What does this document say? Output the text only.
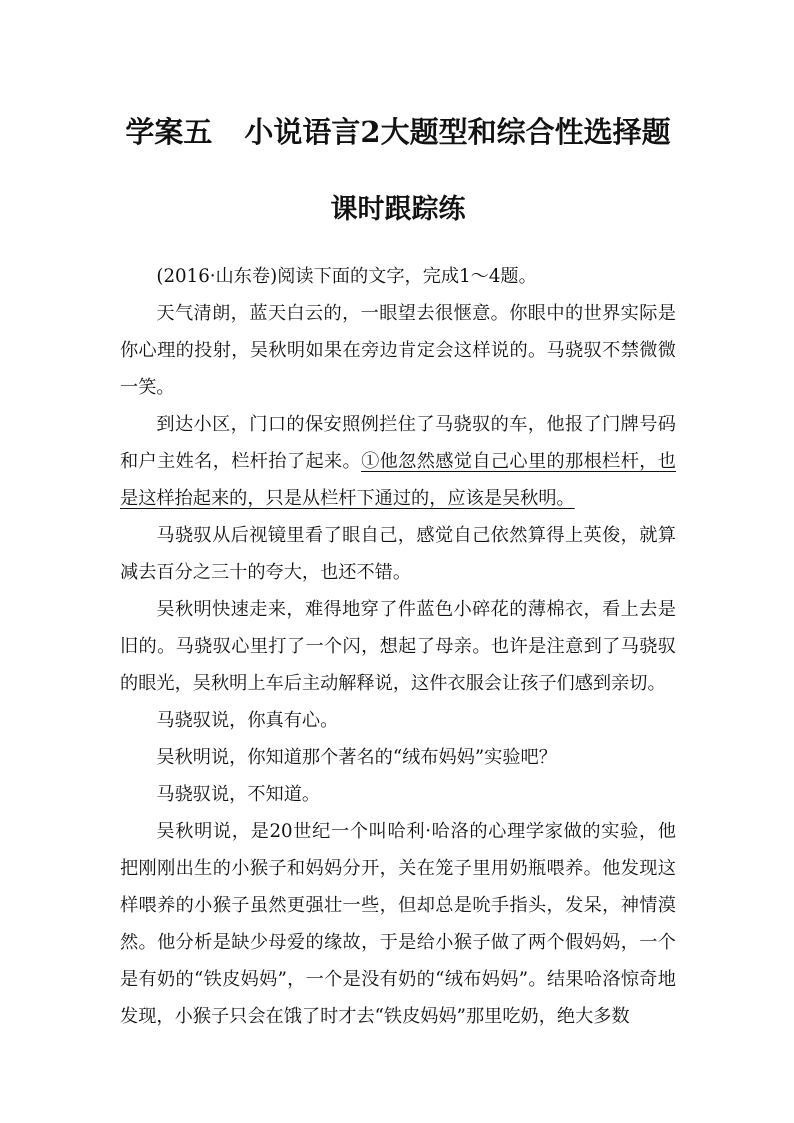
学案五 小说语言2大题型和综合性选择题
课时跟踪练

(2016·山东卷)阅读下面的文字，完成1～4题。

天气清朗，蓝天白云的，一眼望去很惬意。你眼中的世界实际是你心理的投射，吴秋明如果在旁边肯定会这样说的。马骁驭不禁微微一笑。

到达小区，门口的保安照例拦住了马骁驭的车，他报了门牌号码和户主姓名，栏杆抬了起来。①他忽然感觉自己心里的那根栏杆，也是这样抬起来的，只是从栏杆下通过的，应该是吴秋明。

马骁驭从后视镜里看了眼自己，感觉自己依然算得上英俊，就算减去百分之三十的夸大，也还不错。

吴秋明快速走来，难得地穿了件蓝色小碎花的薄棉衣，看上去是旧的。马骁驭心里打了一个闪，想起了母亲。也许是注意到了马骁驭的眼光，吴秋明上车后主动解释说，这件衣服会让孩子们感到亲切。

马骁驭说，你真有心。

吴秋明说，你知道那个著名的“绒布妈妈”实验吧？

马骁驭说，不知道。

吴秋明说，是20世纪一个叫哈利·哈洛的心理学家做的实验，他把刚刚出生的小猴子和妈妈分开，关在笼子里用奶瓶喂养。他发现这样喂养的小猴子虽然更强壮一些，但却总是吮手指头，发呆，神情漠然。他分析是缺少母爱的缘故，于是给小猴子做了两个假妈妈，一个是有奶的“铁皮妈妈”，一个是没有奶的“绒布妈妈”。结果哈洛惊奇地发现，小猴子只会在饿了时才去“铁皮妈妈”那里吃奶，绝大多数
